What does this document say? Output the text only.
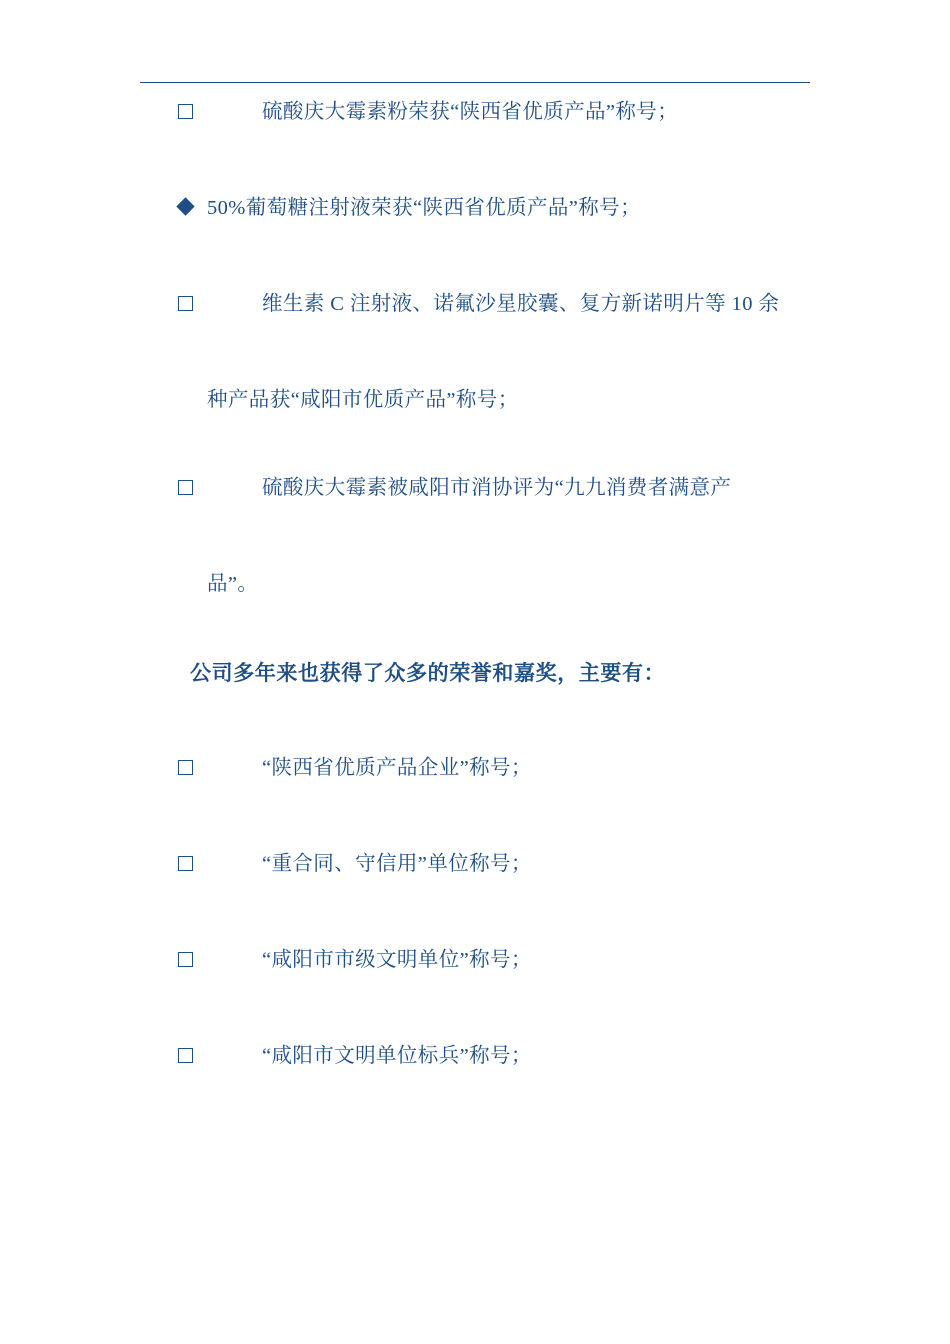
硫酸庆大霉素粉荣获“陕西省优质产品”称号；
50%葡萄糖注射液荣获“陕西省优质产品”称号；
维生素 C 注射液、诺氟沙星胶囊、复方新诺明片等 10 余
种产品获“咸阳市优质产品”称号；
硫酸庆大霉素被咸阳市消协评为“九九消费者满意产
品”。
公司多年来也获得了众多的荣誉和嘉奖，主要有：
“陕西省优质产品企业”称号；
“重合同、守信用”单位称号；
“咸阳市市级文明单位”称号；
“咸阳市文明单位标兵”称号；
